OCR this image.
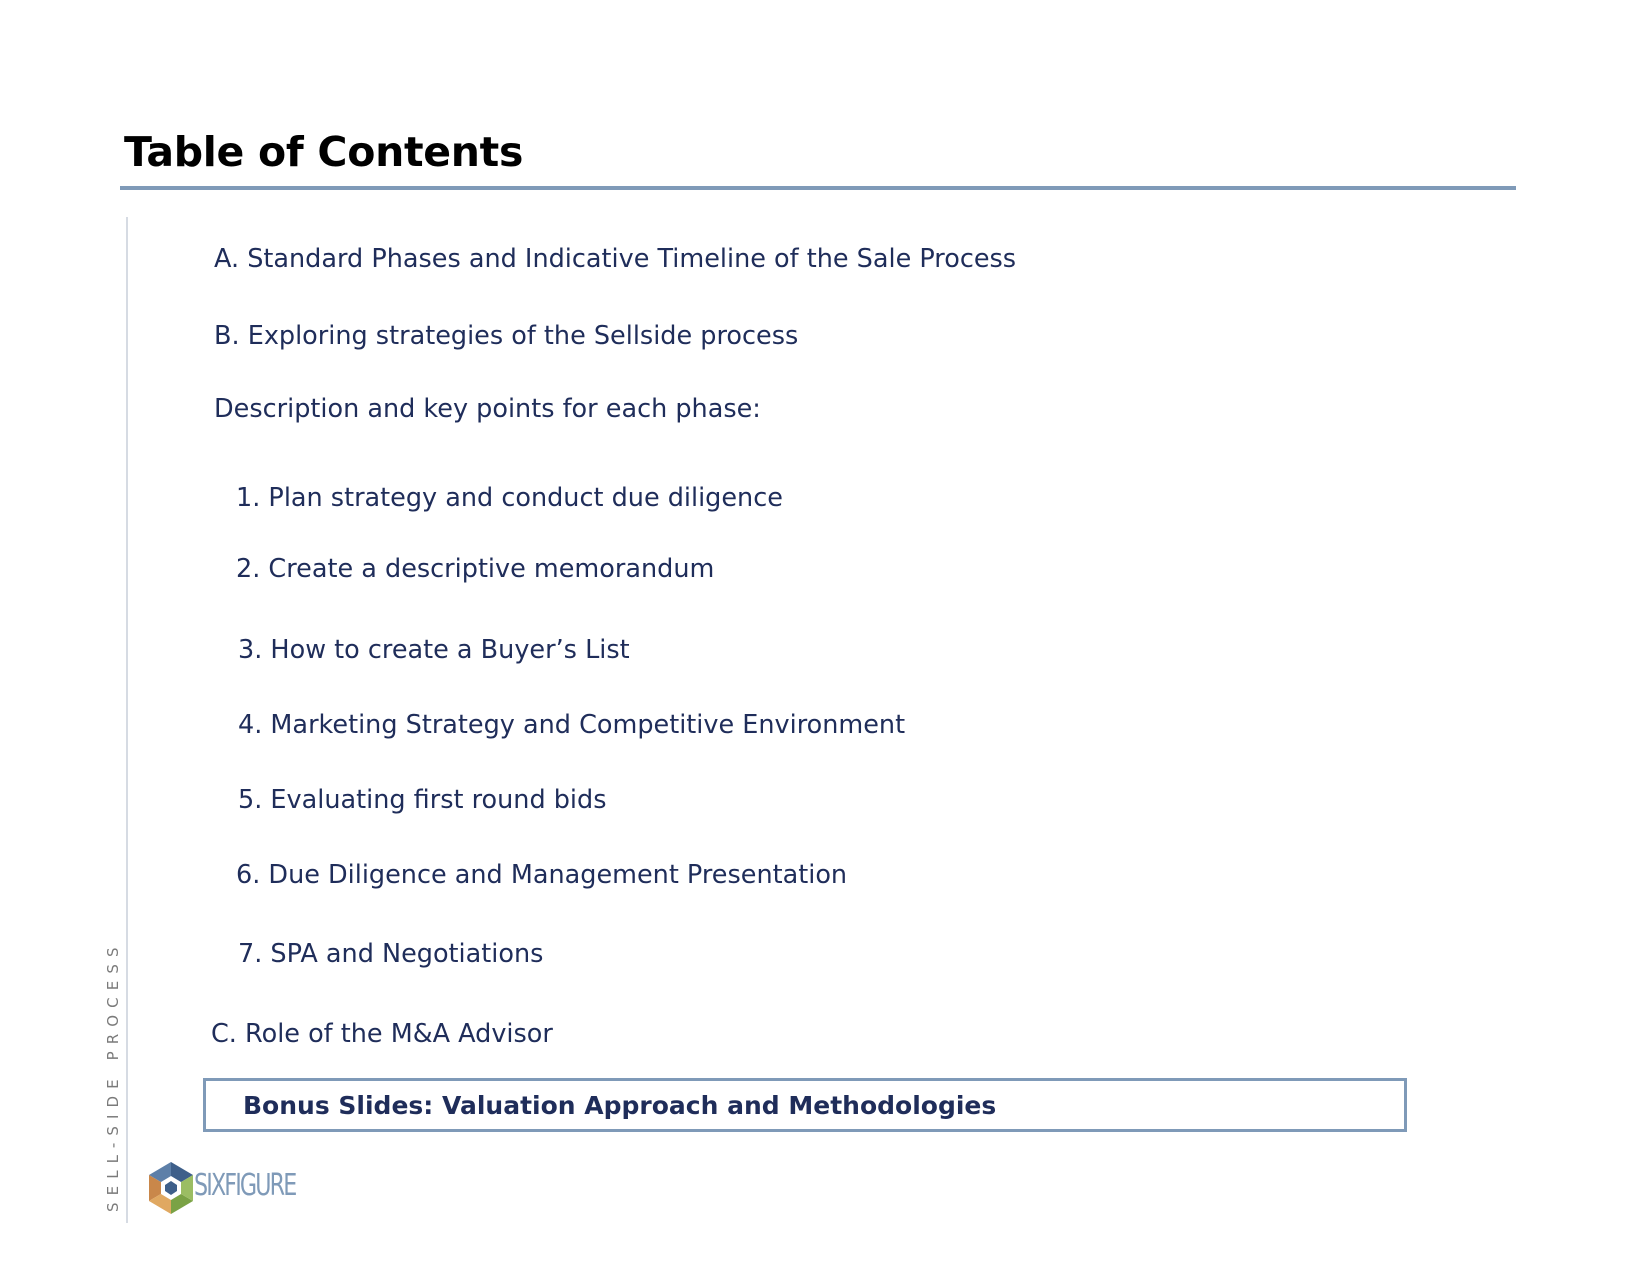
Table of Contents
SELL-SIDE PROCESS

A. Standard Phases and Indicative Timeline of the Sale Process

B. Exploring strategies of the Sellside process

Description and key points for each phase:

1. Plan strategy and conduct due diligence

2. Create a descriptive memorandum

3. How to create a Buyer’s List

4. Marketing Strategy and Competitive Environment

5. Evaluating first round bids

6. Due Diligence and Management Presentation

7. SPA and Negotiations

C. Role of the M&A Advisor

Bonus Slides: Valuation Approach and Methodologies
SIXFIGURE
